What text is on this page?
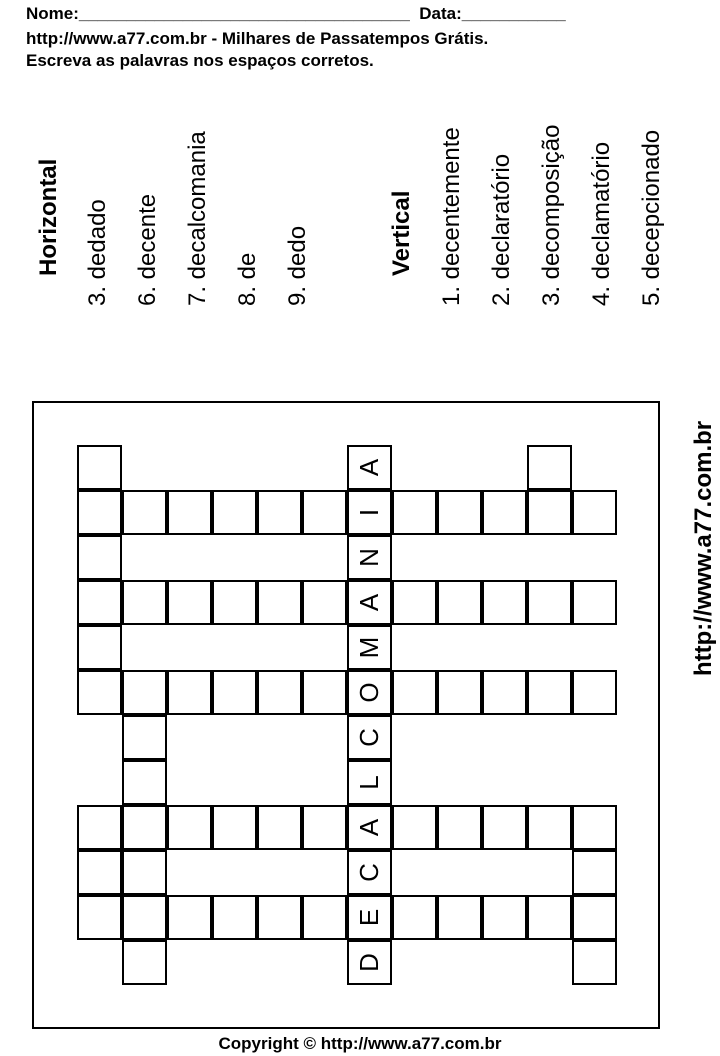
Nome:___________________________________  Data:___________
http://www.a77.com.br - Milhares de Passatempos Grátis.
Escreva as palavras nos espaços corretos.
Horizontal 3. dedado 6. decente 7. decalcomania 8. de 9. dedo	Vertical 1. decentemente 2. declaratório 3. decomposição 4. declamatório 5. decepcionado
I
A
O
A
E
A
N
M
C
L
C
D
http://www.a77.com.br
Copyright © http://www.a77.com.br
